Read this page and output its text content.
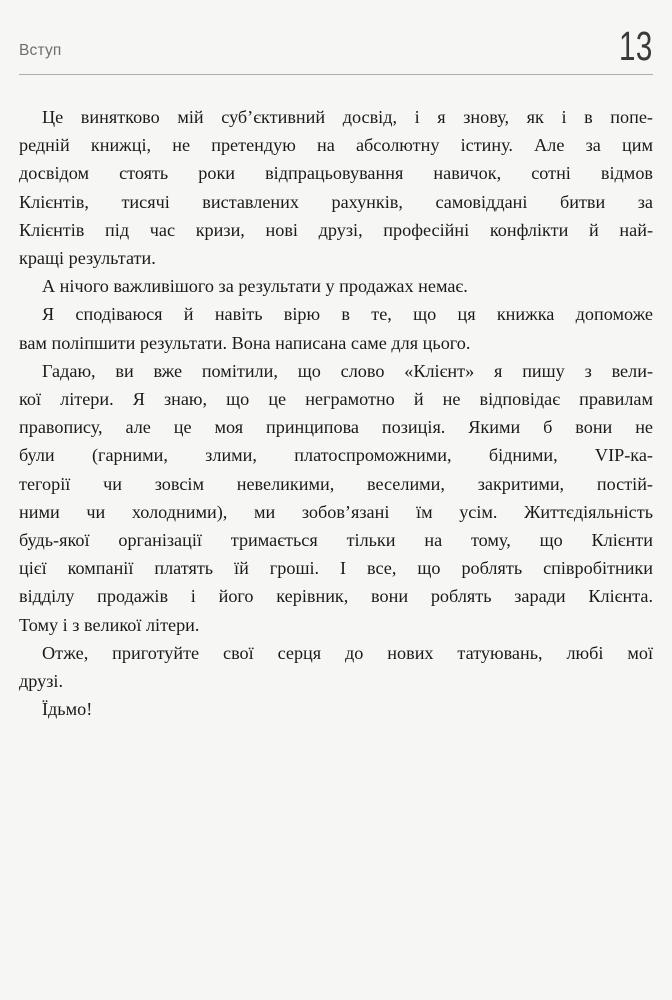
Вступ	13

Це винятково мій суб’єктивний досвід, і я знову, як і в попе-
редній книжці, не претендую на абсолютну істину. Але за цим
досвідом стоять роки відпрацьовування навичок, сотні відмов
Клієнтів, тисячі виставлених рахунків, самовіддані битви за
Клієнтів під час кризи, нові друзі, професійні конфлікти й най-
кращі результати.

А нічого важливішого за результати у продажах немає.

Я сподіваюся й навіть вірю в те, що ця книжка допоможе
вам поліпшити результати. Вона написана саме для цього.

Гадаю, ви вже помітили, що слово «Клієнт» я пишу з вели-
кої літери. Я знаю, що це неграмотно й не відповідає правилам
правопису, але це моя принципова позиція. Якими б вони не
були (гарними, злими, платоспроможними, бідними, VIP-ка-
тегорії чи зовсім невеликими, веселими, закритими, постій-
ними чи холодними), ми зобов’язані їм усім. Життєдіяльність
будь-якої організації тримається тільки на тому, що Клієнти
цієї компанії платять їй гроші. І все, що роблять співробітники
відділу продажів і його керівник, вони роблять заради Клієнта.
Тому і з великої літери.

Отже, приготуйте свої серця до нових татуювань, любі мої
друзі.

Їдьмо!
